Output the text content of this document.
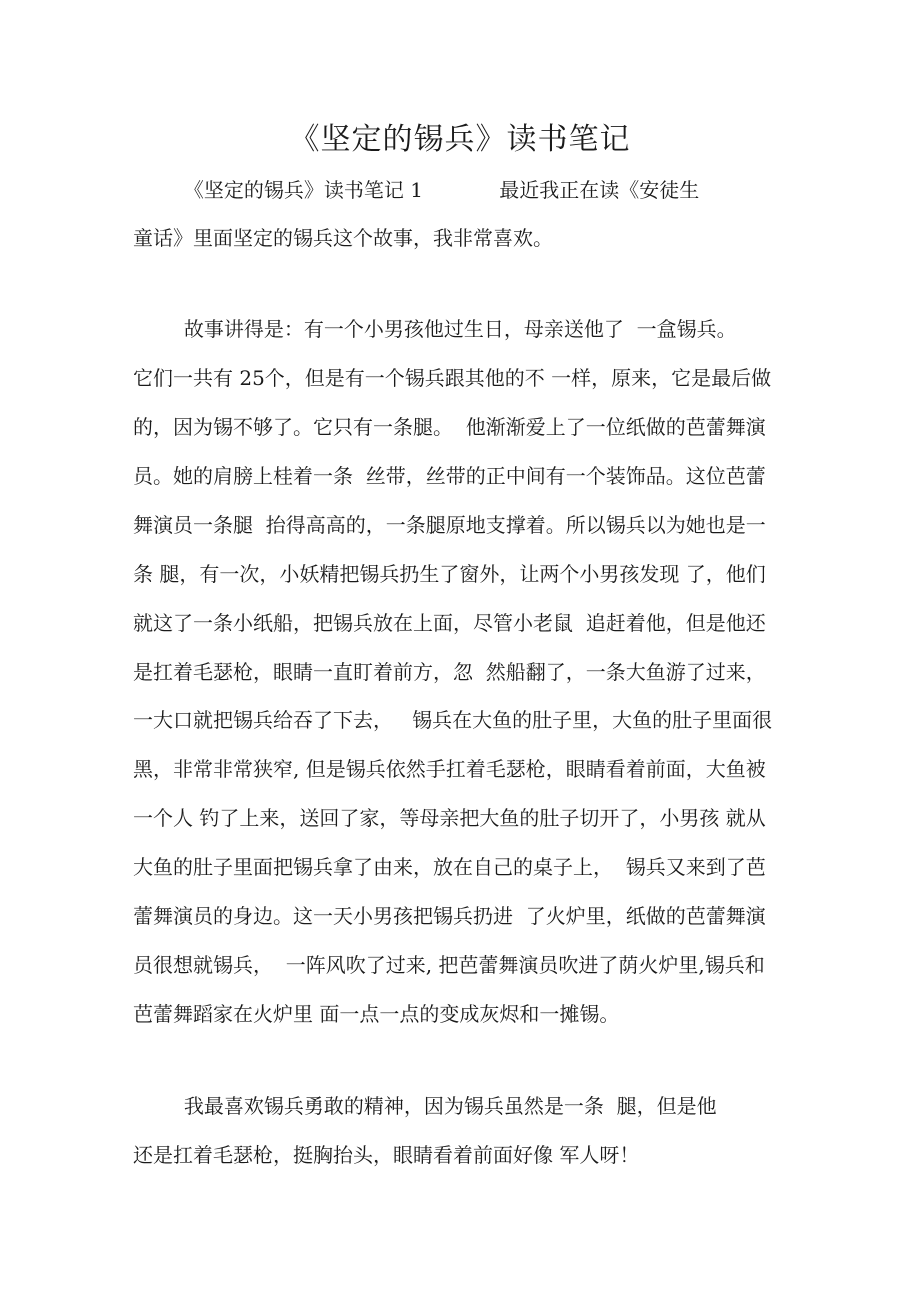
《坚定的锡兵》读书笔记
《坚定的锡兵》读书笔记 1            最近我正在读《安徒生
童话》里面坚定的锡兵这个故事，我非常喜欢。
故事讲得是：有一个小男孩他过生日，母亲送他了  一盒锡兵。
它们一共有 25个，但是有一个锡兵跟其他的不 一样，原来，它是最后做
的，因为锡不够了。它只有一条腿。  他渐渐爱上了一位纸做的芭蕾舞演
员。她的肩膀上桂着一条  丝带，丝带的正中间有一个装饰品。这位芭蕾
舞演员一条腿  抬得高高的，一条腿原地支撑着。所以锡兵以为她也是一
条 腿，有一次，小妖精把锡兵扔生了窗外，让两个小男孩发现 了，他们
就这了一条小纸船，把锡兵放在上面，尽管小老鼠  追赶着他，但是他还
是扛着毛瑟枪，眼睛一直盯着前方，忽  然船翻了，一条大鱼游了过来，
一大口就把锡兵给吞了下去，   锡兵在大鱼的肚子里，大鱼的肚子里面很
黑，非常非常狭窄, 但是锡兵依然手扛着毛瑟枪，眼睛看着前面，大鱼被
一个人 钓了上来，送回了家，等母亲把大鱼的肚子切开了，小男孩 就从
大鱼的肚子里面把锡兵拿了由来，放在自己的桌子上，  锡兵又来到了芭
蕾舞演员的身边。这一天小男孩把锡兵扔进  了火炉里，纸做的芭蕾舞演
员很想就锡兵，  一阵风吹了过来, 把芭蕾舞演员吹进了荫火炉里,锡兵和
芭蕾舞蹈家在火炉里 面一点一点的变成灰烬和一摊锡。
我最喜欢锡兵勇敢的精神，因为锡兵虽然是一条  腿，但是他
还是扛着毛瑟枪，挺胸抬头，眼睛看着前面好像 军人呀！
